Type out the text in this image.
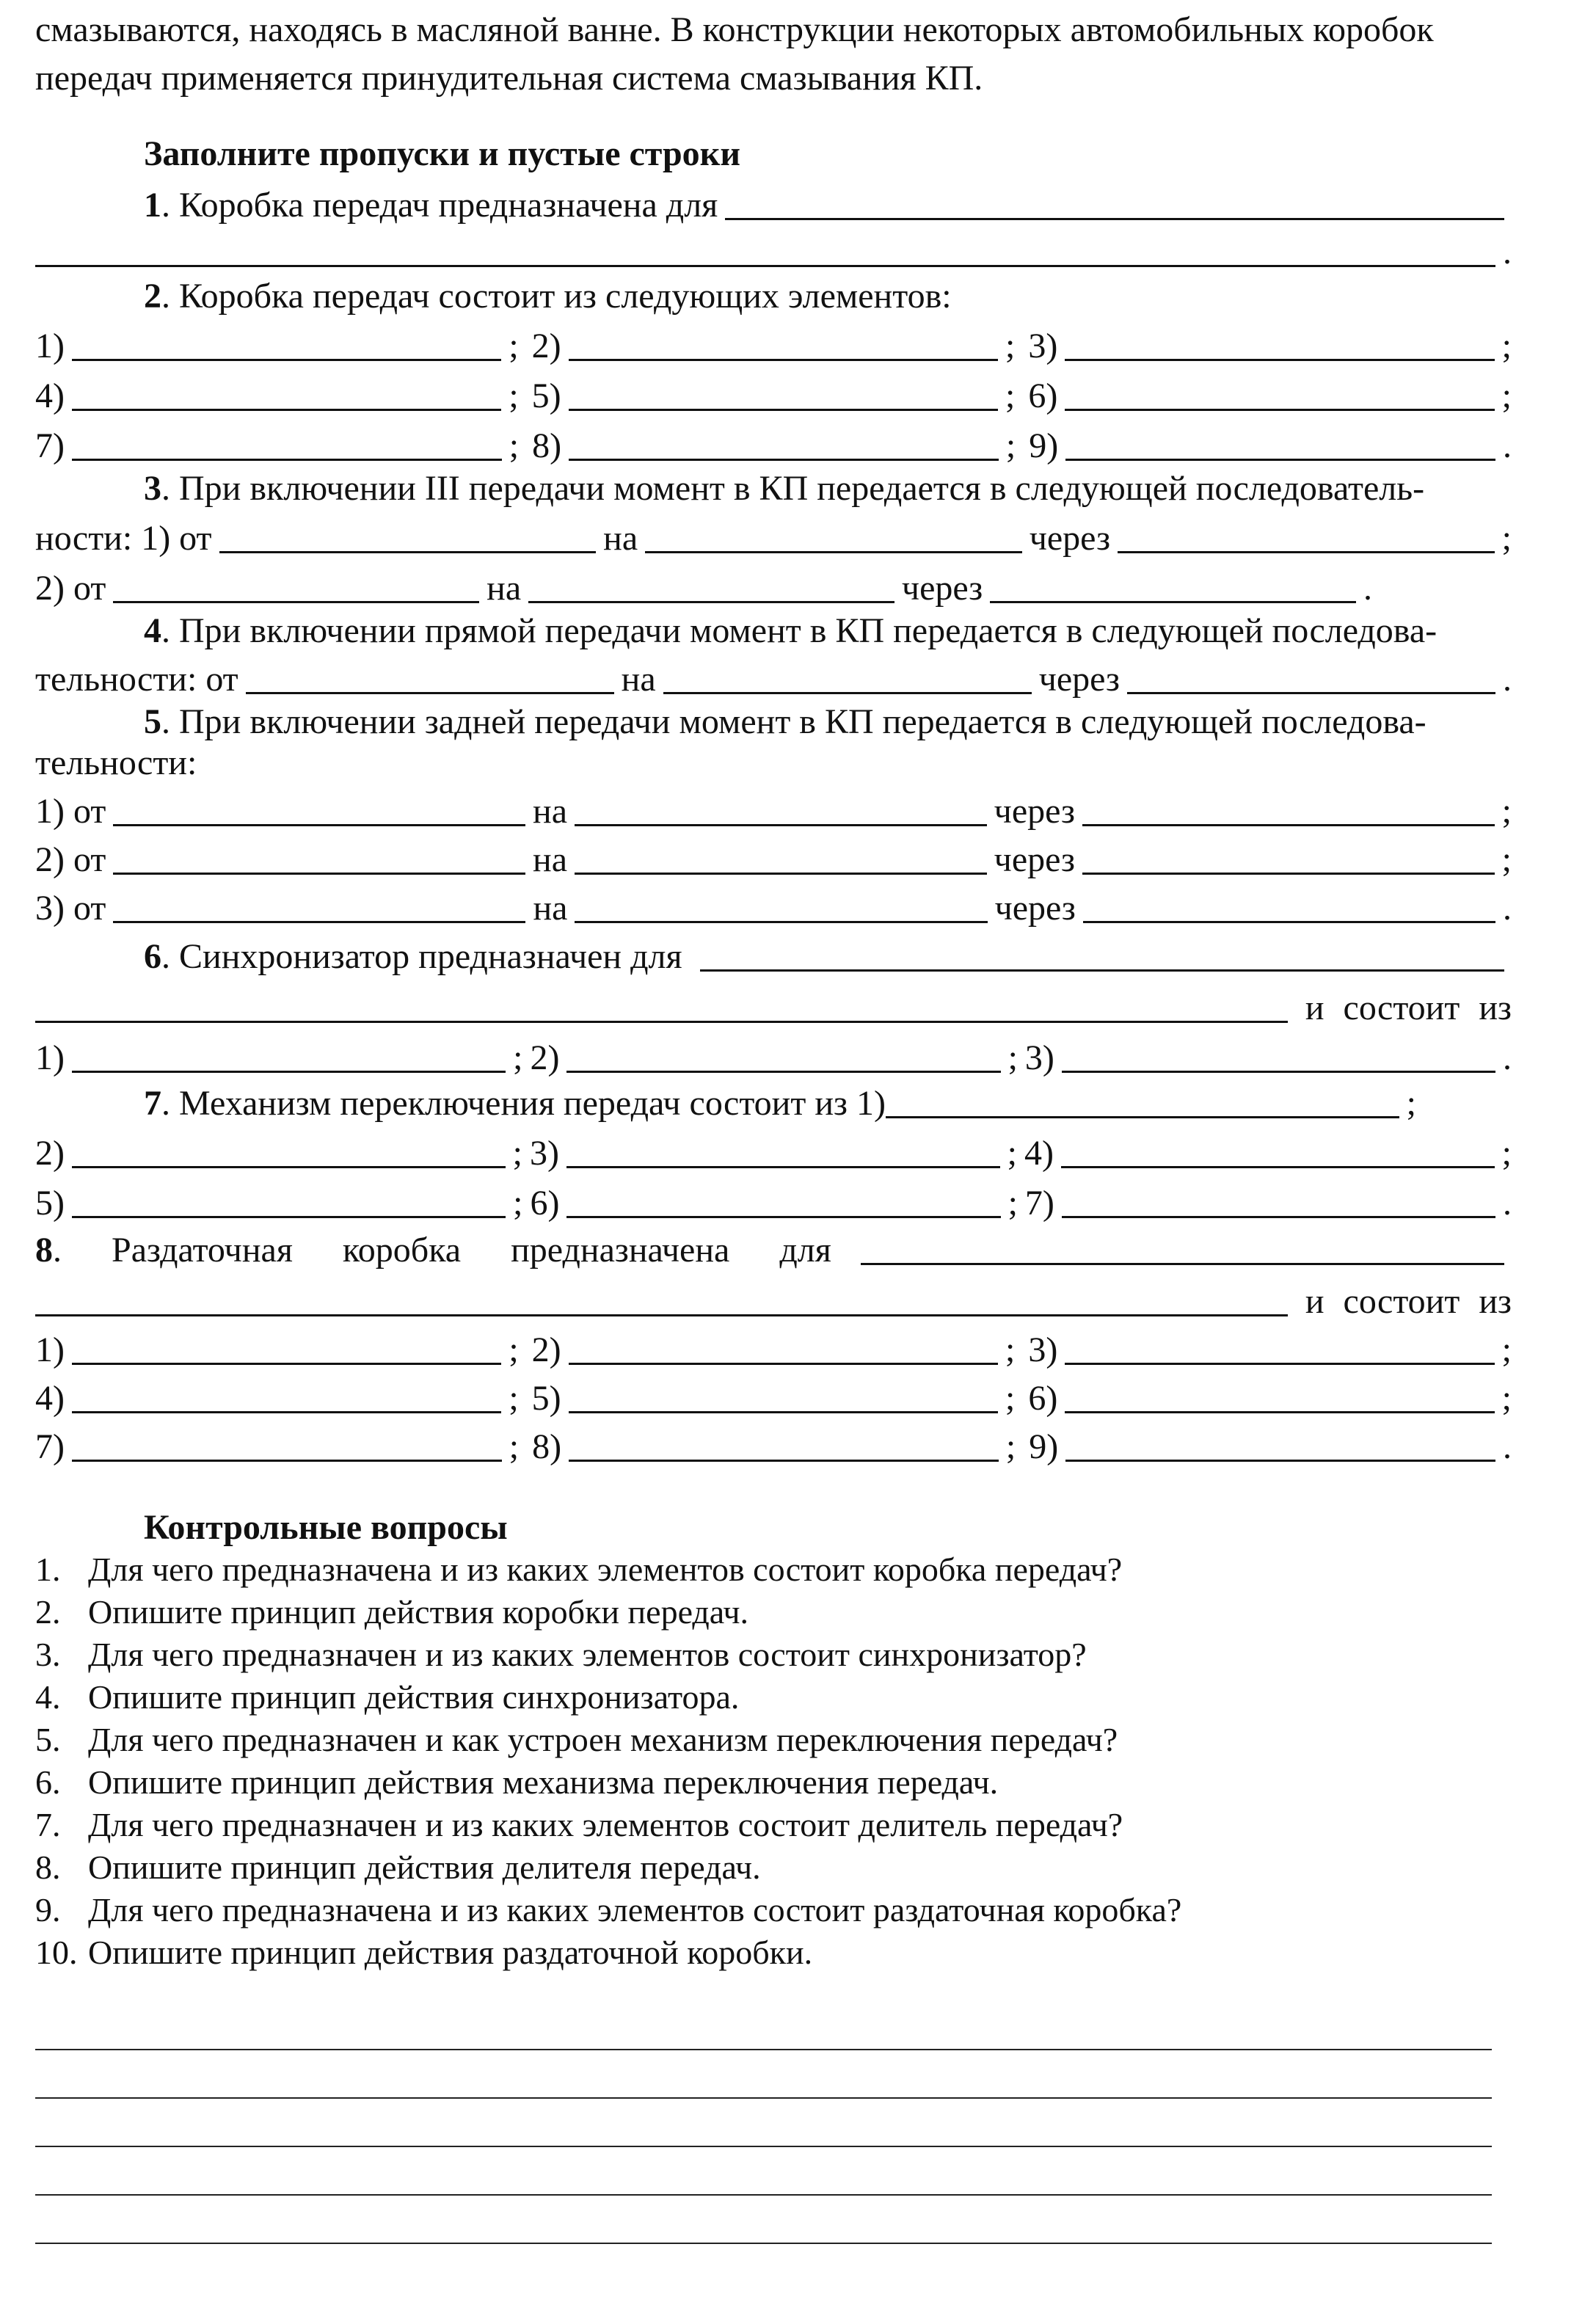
смазываются, находясь в масляной ванне. В конструкции некоторых автомобильных коробок
передач применяется принудительная система смазывания КП.
Заполните пропуски и пустые строки
1. Коробка передач предназначена для
.
2. Коробка передач состоит из следующих элементов:
1)	; 2)	; 3)	;
4)	; 5)	; 6)	;
7)	; 8)	; 9)	.
3. При включении III передачи момент в КП передается в следующей последователь-
ности: 1) от	на	через	;
2) от	на	через	.
4. При включении прямой передачи момент в КП передается в следующей последова-
тельности: от	на	через	.
5. При включении задней передачи момент в КП передается в следующей последова-
тельности:
1) от	на	через	;
2) от	на	через	;
3) от	на	через	.
6. Синхронизатор предназначен для
и состоит из
1)	; 2)	; 3)	.
7. Механизм переключения передач состоит из 1)	;
2)	; 3)	; 4)	;
5)	; 6)	; 7)	.
8.  Раздаточная  коробка  предназначена  для
и состоит из
1)	; 2)	; 3)	;
4)	; 5)	; 6)	;
7)	; 8)	; 9)	.
Контрольные вопросы
1. Для чего предназначена и из каких элементов состоит коробка передач?
2. Опишите принцип действия коробки передач.
3. Для чего предназначен и из каких элементов состоит синхронизатор?
4. Опишите принцип действия синхронизатора.
5. Для чего предназначен и как устроен механизм переключения передач?
6. Опишите принцип действия механизма переключения передач.
7. Для чего предназначен и из каких элементов состоит делитель передач?
8. Опишите принцип действия делителя передач.
9. Для чего предназначена и из каких элементов состоит раздаточная коробка?
10. Опишите принцип действия раздаточной коробки.
